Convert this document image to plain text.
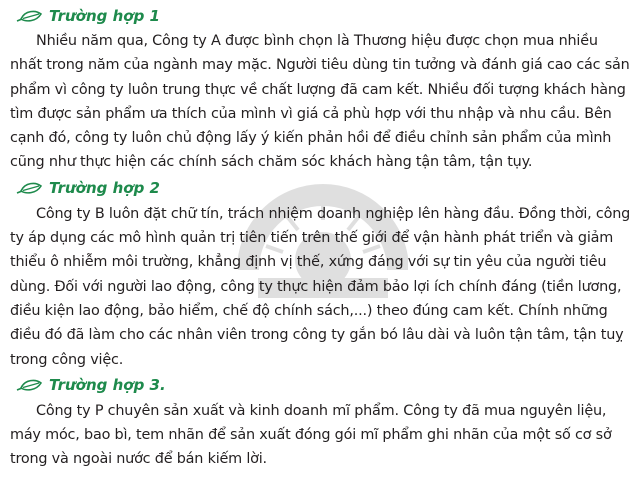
Trường hợp 1

Nhiều năm qua, Công ty A được bình chọn là Thương hiệu được chọn mua nhiều nhất trong năm của ngành may mặc. Người tiêu dùng tin tưởng và đánh giá cao các sản phẩm vì công ty luôn trung thực về chất lượng đã cam kết. Nhiều đối tượng khách hàng tìm được sản phẩm ưa thích của mình vì giá cả phù hợp với thu nhập và nhu cầu. Bên cạnh đó, công ty luôn chủ động lấy ý kiến phản hồi để điều chỉnh sản phẩm của mình cũng như thực hiện các chính sách chăm sóc khách hàng tận tâm, tận tụy.

Trường hợp 2

Công ty B luôn đặt chữ tín, trách nhiệm doanh nghiệp lên hàng đầu. Đồng thời, công ty áp dụng các mô hình quản trị tiên tiến trên thế giới để vận hành phát triển và giảm thiểu ô nhiễm môi trường, khẳng định vị thế, xứng đáng với sự tin yêu của người tiêu dùng. Đối với người lao động, công ty thực hiện đảm bảo lợi ích chính đáng (tiền lương, điều kiện lao động, bảo hiểm, chế độ chính sách,...) theo đúng cam kết. Chính những điều đó đã làm cho các nhân viên trong công ty gắn bó lâu dài và luôn tận tâm, tận tuỵ trong công việc.

Trường hợp 3.

Công ty P chuyên sản xuất và kinh doanh mĩ phẩm. Công ty đã mua nguyên liệu, máy móc, bao bì, tem nhãn để sản xuất đóng gói mĩ phẩm ghi nhãn của một số cơ sở trong và ngoài nước để bán kiếm lời.
